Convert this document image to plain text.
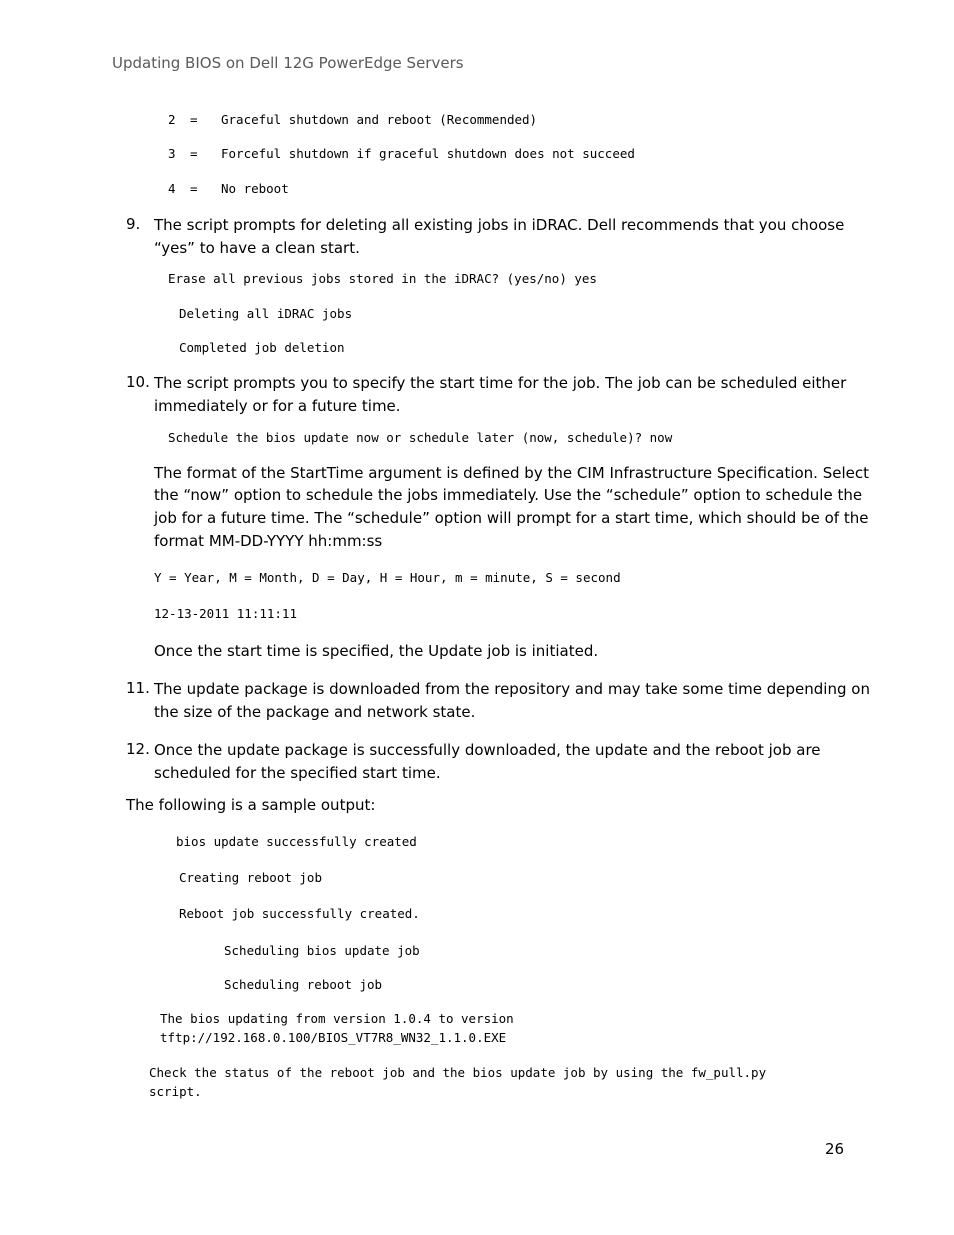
Updating BIOS on Dell 12G PowerEdge Servers
2 = Graceful shutdown and reboot (Recommended)
3 = Forceful shutdown if graceful shutdown does not succeed
4 = No reboot
9. The script prompts for deleting all existing jobs in iDRAC. Dell recommends that you choose
“yes” to have a clean start.
Erase all previous jobs stored in the iDRAC? (yes/no) yes
Deleting all iDRAC jobs
Completed job deletion
10. The script prompts you to specify the start time for the job. The job can be scheduled either
immediately or for a future time.
Schedule the bios update now or schedule later (now, schedule)? now
The format of the StartTime argument is defined by the CIM Infrastructure Specification. Select
the “now” option to schedule the jobs immediately. Use the “schedule” option to schedule the
job for a future time. The “schedule” option will prompt for a start time, which should be of the
format MM-DD-YYYY hh:mm:ss
Y = Year, M = Month, D = Day, H = Hour, m = minute, S = second
12-13-2011 11:11:11
Once the start time is specified, the Update job is initiated.
11. The update package is downloaded from the repository and may take some time depending on
the size of the package and network state.
12. Once the update package is successfully downloaded, the update and the reboot job are
scheduled for the specified start time.
The following is a sample output:
bios update successfully created
Creating reboot job
Reboot job successfully created.
Scheduling bios update job
Scheduling reboot job
The bios updating from version 1.0.4 to version
tftp://192.168.0.100/BIOS_VT7R8_WN32_1.1.0.EXE
Check the status of the reboot job and the bios update job by using the fw_pull.py
script.
26
